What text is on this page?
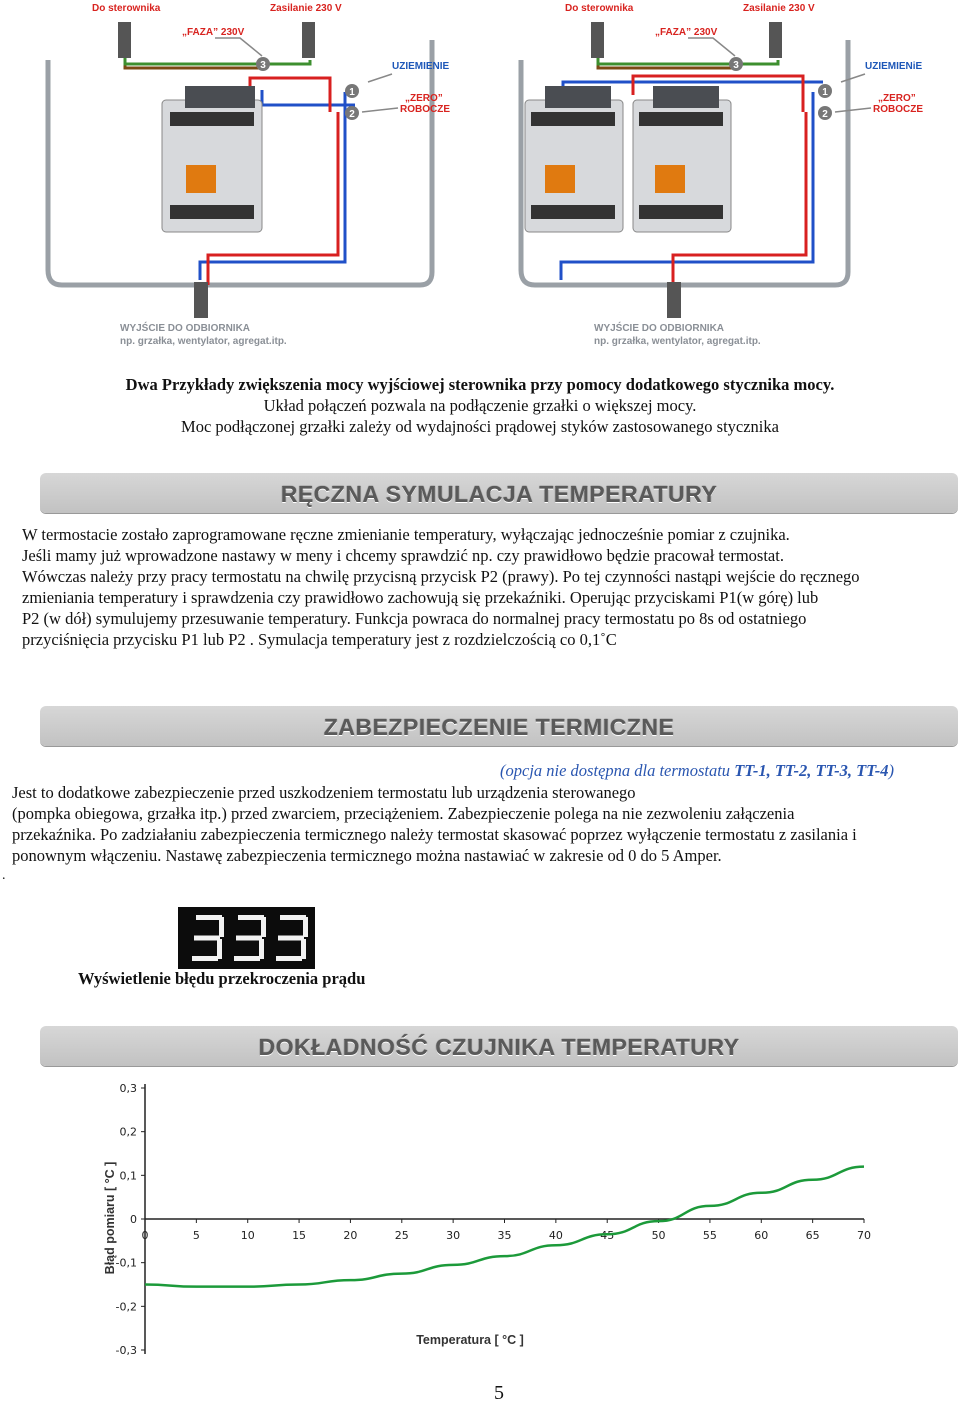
3
1
2
Do sterownika	Zasilanie 230 V
„FAZA” 230V
UZIEMIENIE
„ZERO”
ROBOCZE
WYJŚCIE DO ODBIORNIKA
np. grzałka, wentylator, agregat.itp.
3
1
2
Do sterownika	Zasilanie 230 V
„FAZA” 230V
UZIEMIENiE
„ZERO”
ROBOCZE
WYJŚCIE DO ODBIORNIKA
np. grzałka, wentylator, agregat.itp.
Dwa Przykłady zwiększenia mocy wyjściowej sterownika przy pomocy dodatkowego stycznika mocy.
Układ połączeń pozwala na podłączenie grzałki o większej mocy.
Moc podłączonej grzałki zależy od wydajności prądowej styków zastosowanego stycznika
RĘCZNA SYMULACJA TEMPERATURY

W termostacie zostało zaprogramowane ręczne zmienianie temperatury, wyłączając jednocześnie pomiar z czujnika.

Jeśli mamy już wprowadzone nastawy w meny i chcemy sprawdzić np. czy prawidłowo będzie pracował termostat.

Wówczas należy przy pracy termostatu na chwilę przycisną przycisk P2 (prawy). Po tej czynności nastąpi wejście do ręcznego

zmieniania temperatury i sprawdzenia czy prawidłowo zachowują się przekaźniki. Operując przyciskami P1(w górę) lub

P2 (w dół) symulujemy przesuwanie temperatury. Funkcja powraca do normalnej pracy termostatu po 8s od ostatniego

przyciśnięcia przycisku P1 lub P2 . Symulacja temperatury jest z rozdzielczością co 0,1˚C

ZABEZPIECZENIE TERMICZNE
(opcja nie dostępna dla termostatu TT-1, TT-2, TT-3, TT-4)

Jest to dodatkowe zabezpieczenie przed uszkodzeniem termostatu lub urządzenia sterowanego

(pompka obiegowa, grzałka itp.) przed zwarciem, przeciążeniem. Zabezpieczenie polega na nie zezwoleniu załączenia

przekaźnika. Po zadziałaniu zabezpieczenia termicznego należy termostat skasować poprzez wyłączenie termostatu z zasilania i

ponownym włączeniu. Nastawę zabezpieczenia termicznego można nastawiać w zakresie od 0 do 5 Amper.

.
Wyświetlenie błędu przekroczenia prądu
DOKŁADNOŚĆ CZUJNIKA TEMPERATURY
0	5	10	15	20	25	30	35	40	45	50	55	60	65	70
0,3
0,2
0,1
0
-0,1
-0,2
-0,3
Temperatura [ °C ]
Błąd pomiaru [ °C ]
5
